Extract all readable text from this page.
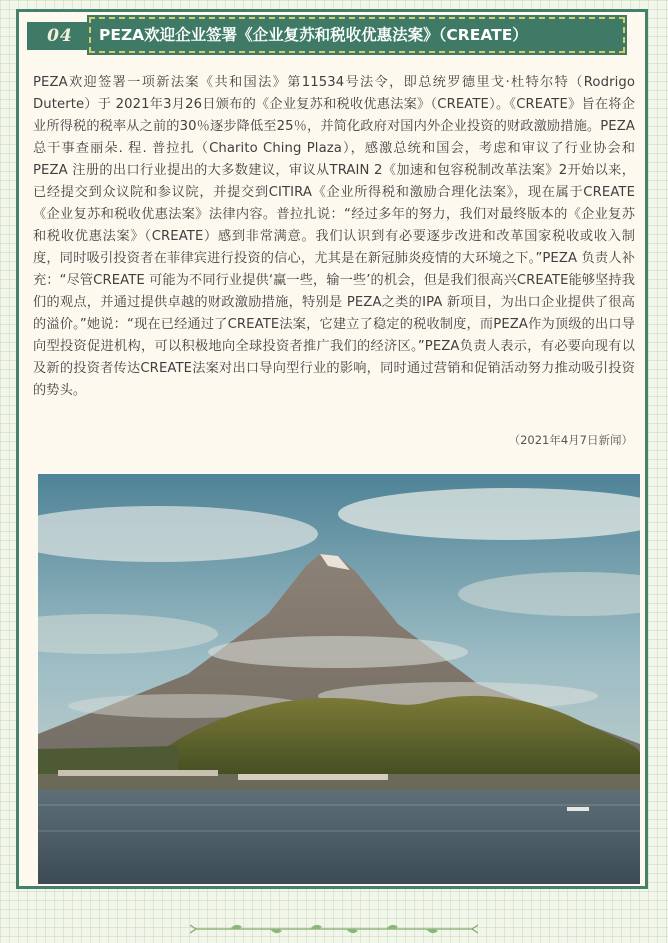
04	PEZA欢迎企业签署《企业复苏和税收优惠法案》（CREATE）

PEZA欢迎签署一项新法案《共和国法》第11534号法令，即总统罗德里戈·杜特尔特（Rodrigo Duterte）于 2021年3月26日颁布的《企业复苏和税收优惠法案》（CREATE）。《CREATE》旨在将企业所得税的税率从之前的30％逐步降低至25％，并简化政府对国内外企业投资的财政激励措施。PEZA总干事查丽朵. 程. 普拉扎（Charito Ching Plaza），感激总统和国会，考虑和审议了行业协会和 PEZA 注册的出口行业提出的大多数建议，审议从TRAIN 2《加速和包容税制改革法案》2开始以来，已经提交到众议院和参议院，并提交到CITIRA《企业所得税和激励合理化法案》，现在属于CREATE《企业复苏和税收优惠法案》法律内容。普拉扎说：“经过多年的努力，我们对最终版本的《企业复苏和税收优惠法案》（CREATE）感到非常满意。我们认识到有必要逐步改进和改革国家税收或收入制度，同时吸引投资者在菲律宾进行投资的信心，尤其是在新冠肺炎疫情的大环境之下。”PEZA 负责人补充：“尽管CREATE 可能为不同行业提供‘赢一些，输一些’的机会，但是我们很高兴CREATE能够坚持我们的观点，并通过提供卓越的财政激励措施，特别是 PEZA之类的IPA 新项目，为出口企业提供了很高的溢价。”她说：“现在已经通过了CREATE法案，它建立了稳定的税收制度，而PEZA作为顶级的出口导向型投资促进机构，可以积极地向全球投资者推广我们的经济区。”PEZA负责人表示，有必要向现有以及新的投资者传达CREATE法案对出口导向型行业的影响，同时通过营销和促销活动努力推动吸引投资的势头。

（2021年4月7日新闻）
